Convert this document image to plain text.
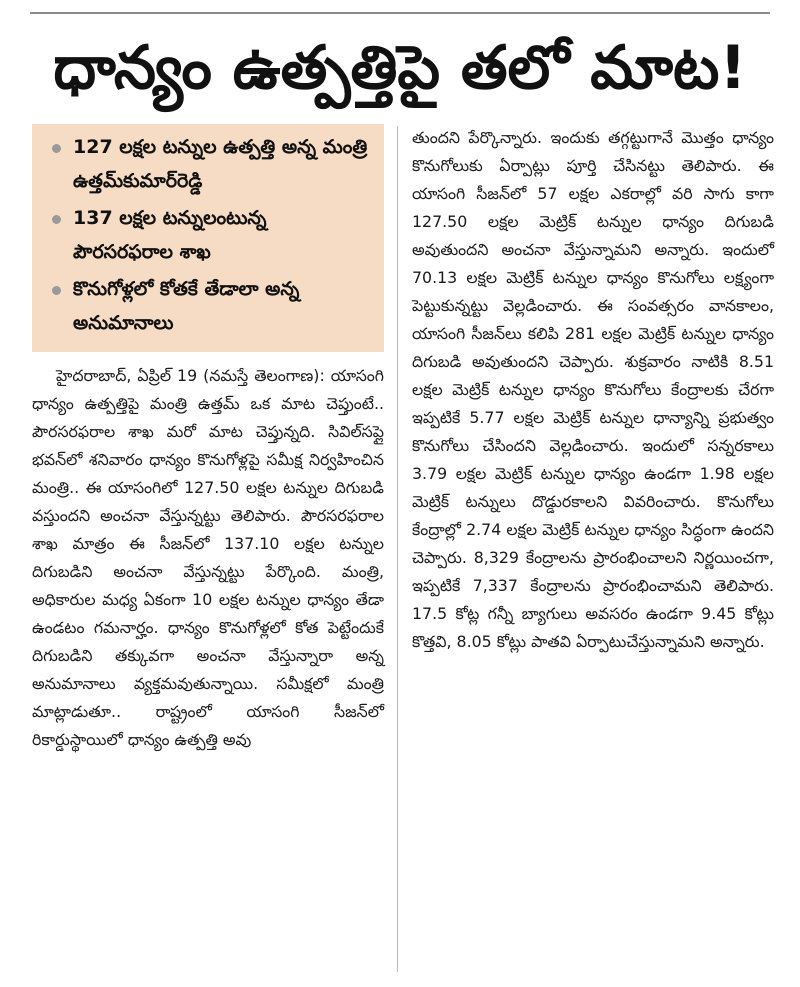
ధాన్యం ఉత్పత్తిపై తలో మాట!
127 లక్షల టన్నుల ఉత్పత్తి అన్న మంత్రి ఉత్తమ్‌కుమార్‌రెడ్డి
137 లక్షల టన్నులంటున్న పౌరసరఫరాల శాఖ
కొనుగోళ్లలో కోతకే తేడాలా అన్న అనుమానాలు

హైదరాబాద్, ఏప్రిల్ 19 (నమస్తే తెలంగాణ): యాసంగి ధాన్యం ఉత్పత్తిపై మంత్రి ఉత్తమ్ ఒక మాట చెప్తుంటే.. పౌరసరఫరాల శాఖ మరో మాట చెప్తున్నది. సివిల్‌సప్లై భవన్‌లో శనివారం ధాన్యం కొనుగోళ్లపై సమీక్ష నిర్వహించిన మంత్రి.. ఈ యాసంగిలో 127.50 లక్షల టన్నుల దిగుబడి వస్తుందని అంచనా వేస్తున్నట్టు తెలిపారు. పౌరసరఫరాల శాఖ మాత్రం ఈ సీజన్‌లో 137.10 లక్షల టన్నుల దిగుబడిని అంచనా వేస్తున్నట్టు పేర్కొంది. మంత్రి, అధికారుల మధ్య ఏకంగా 10 లక్షల టన్నుల ధాన్యం తేడా ఉండటం గమనార్హం. ధాన్యం కొనుగోళ్లలో కోత పెట్టేందుకే దిగుబడిని తక్కువగా అంచనా వేస్తున్నారా అన్న అనుమానాలు వ్యక్తమవుతున్నాయి. సమీక్షలో మంత్రి మాట్లాడుతూ.. రాష్ట్రంలో యాసంగి సీజన్‌లో రికార్డుస్థాయిలో ధాన్యం ఉత్పత్తి అవు

తుందని పేర్కొన్నారు. ఇందుకు తగ్గట్టుగానే మొత్తం ధాన్యం కొనుగోలుకు ఏర్పాట్లు పూర్తి చేసినట్టు తెలిపారు. ఈ యాసంగి సీజన్‌లో 57 లక్షల ఎకరాల్లో వరి సాగు కాగా 127.50 లక్షల మెట్రిక్ టన్నుల ధాన్యం దిగుబడి అవుతుందని అంచనా వేస్తున్నామని అన్నారు. ఇందులో 70.13 లక్షల మెట్రిక్ టన్నుల ధాన్యం కొనుగోలు లక్ష్యంగా పెట్టుకున్నట్టు వెల్లడించారు. ఈ సంవత్సరం వానకాలం, యాసంగి సీజన్‌లు కలిపి 281 లక్షల మెట్రిక్ టన్నుల ధాన్యం దిగుబడి అవుతుందని చెప్పారు. శుక్రవారం నాటికి 8.51 లక్షల మెట్రిక్ టన్నుల ధాన్యం కొనుగోలు కేంద్రాలకు చేరగా ఇప్పటికే 5.77 లక్షల మెట్రిక్ టన్నుల ధాన్యాన్ని ప్రభుత్వం కొనుగోలు చేసిందని వెల్లడించారు. ఇందులో సన్నరకాలు 3.79 లక్షల మెట్రిక్ టన్నుల ధాన్యం ఉండగా 1.98 లక్షల మెట్రిక్ టన్నులు దొడ్డురకాలని వివరించారు. కొనుగోలు కేంద్రాల్లో 2.74 లక్షల మెట్రిక్ టన్నుల ధాన్యం సిద్ధంగా ఉందని చెప్పారు. 8,329 కేంద్రాలను ప్రారంభించాలని నిర్ణయించగా, ఇప్పటికే 7,337 కేంద్రాలను ప్రారంభించామని తెలిపారు. 17.5 కోట్ల గన్నీ బ్యాగులు అవసరం ఉండగా 9.45 కోట్లు కొత్తవి, 8.05 కోట్లు పాతవి ఏర్పాటుచేస్తున్నామని అన్నారు.
